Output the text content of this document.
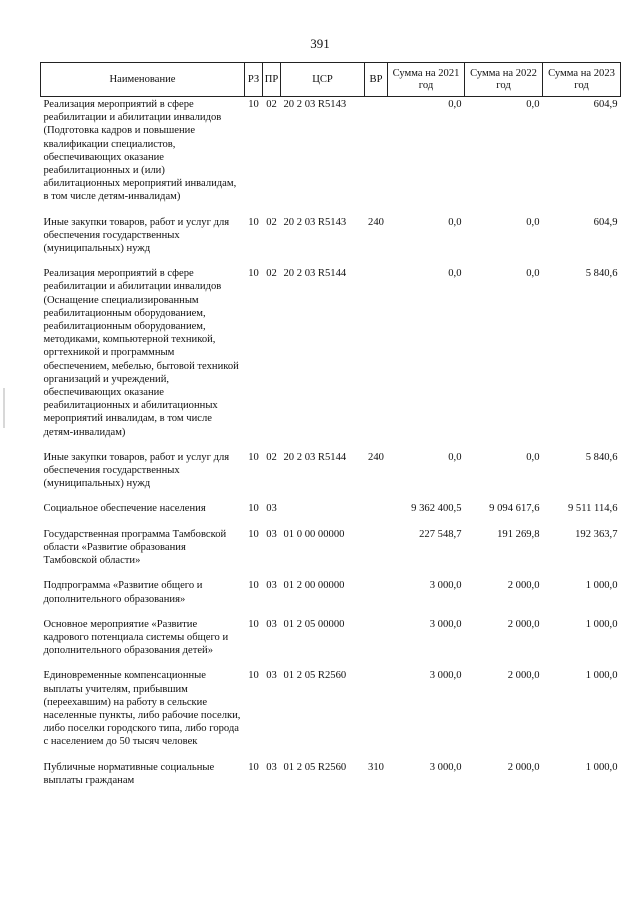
391
Наименование	РЗ	ПР	ЦСР	ВР	Сумма на 2021 год	Сумма на 2022 год	Сумма на 2023 год
Реализация мероприятий в сфере реабилитации и абилитации инвалидов (Подготовка кадров и повышение квалификации специалистов, обеспечивающих оказание реабилитационных и (или) абилитационных мероприятий инвалидам, в том числе детям-инвалидам)	10	02	20 2 03 R5143		0,0	0,0	604,9
Иные закупки товаров, работ и услуг для обеспечения государственных (муниципальных) нужд	10	02	20 2 03 R5143	240	0,0	0,0	604,9
Реализация мероприятий в сфере реабилитации и абилитации инвалидов (Оснащение специализированным реабилитационным оборудованием, реабилитационным оборудованием, методиками, компьютерной техникой, оргтехникой и программным обеспечением, мебелью, бытовой техникой организаций и учреждений, обеспечивающих оказание реабилитационных и абилитационных мероприятий инвалидам, в том числе детям-инвалидам)	10	02	20 2 03 R5144		0,0	0,0	5 840,6
Иные закупки товаров, работ и услуг для обеспечения государственных (муниципальных) нужд	10	02	20 2 03 R5144	240	0,0	0,0	5 840,6
Социальное обеспечение населения	10	03			9 362 400,5	9 094 617,6	9 511 114,6
Государственная программа Тамбовской области «Развитие образования Тамбовской области»	10	03	01 0 00 00000		227 548,7	191 269,8	192 363,7
Подпрограмма «Развитие общего и дополнительного образования»	10	03	01 2 00 00000		3 000,0	2 000,0	1 000,0
Основное мероприятие «Развитие кадрового потенциала системы общего и дополнительного образования детей»	10	03	01 2 05 00000		3 000,0	2 000,0	1 000,0
Единовременные компенсационные выплаты учителям, прибывшим (переехавшим) на работу в сельские населенные пункты, либо рабочие поселки, либо поселки городского типа, либо города с населением до 50 тысяч человек	10	03	01 2 05 R2560		3 000,0	2 000,0	1 000,0
Публичные нормативные социальные выплаты гражданам	10	03	01 2 05 R2560	310	3 000,0	2 000,0	1 000,0
